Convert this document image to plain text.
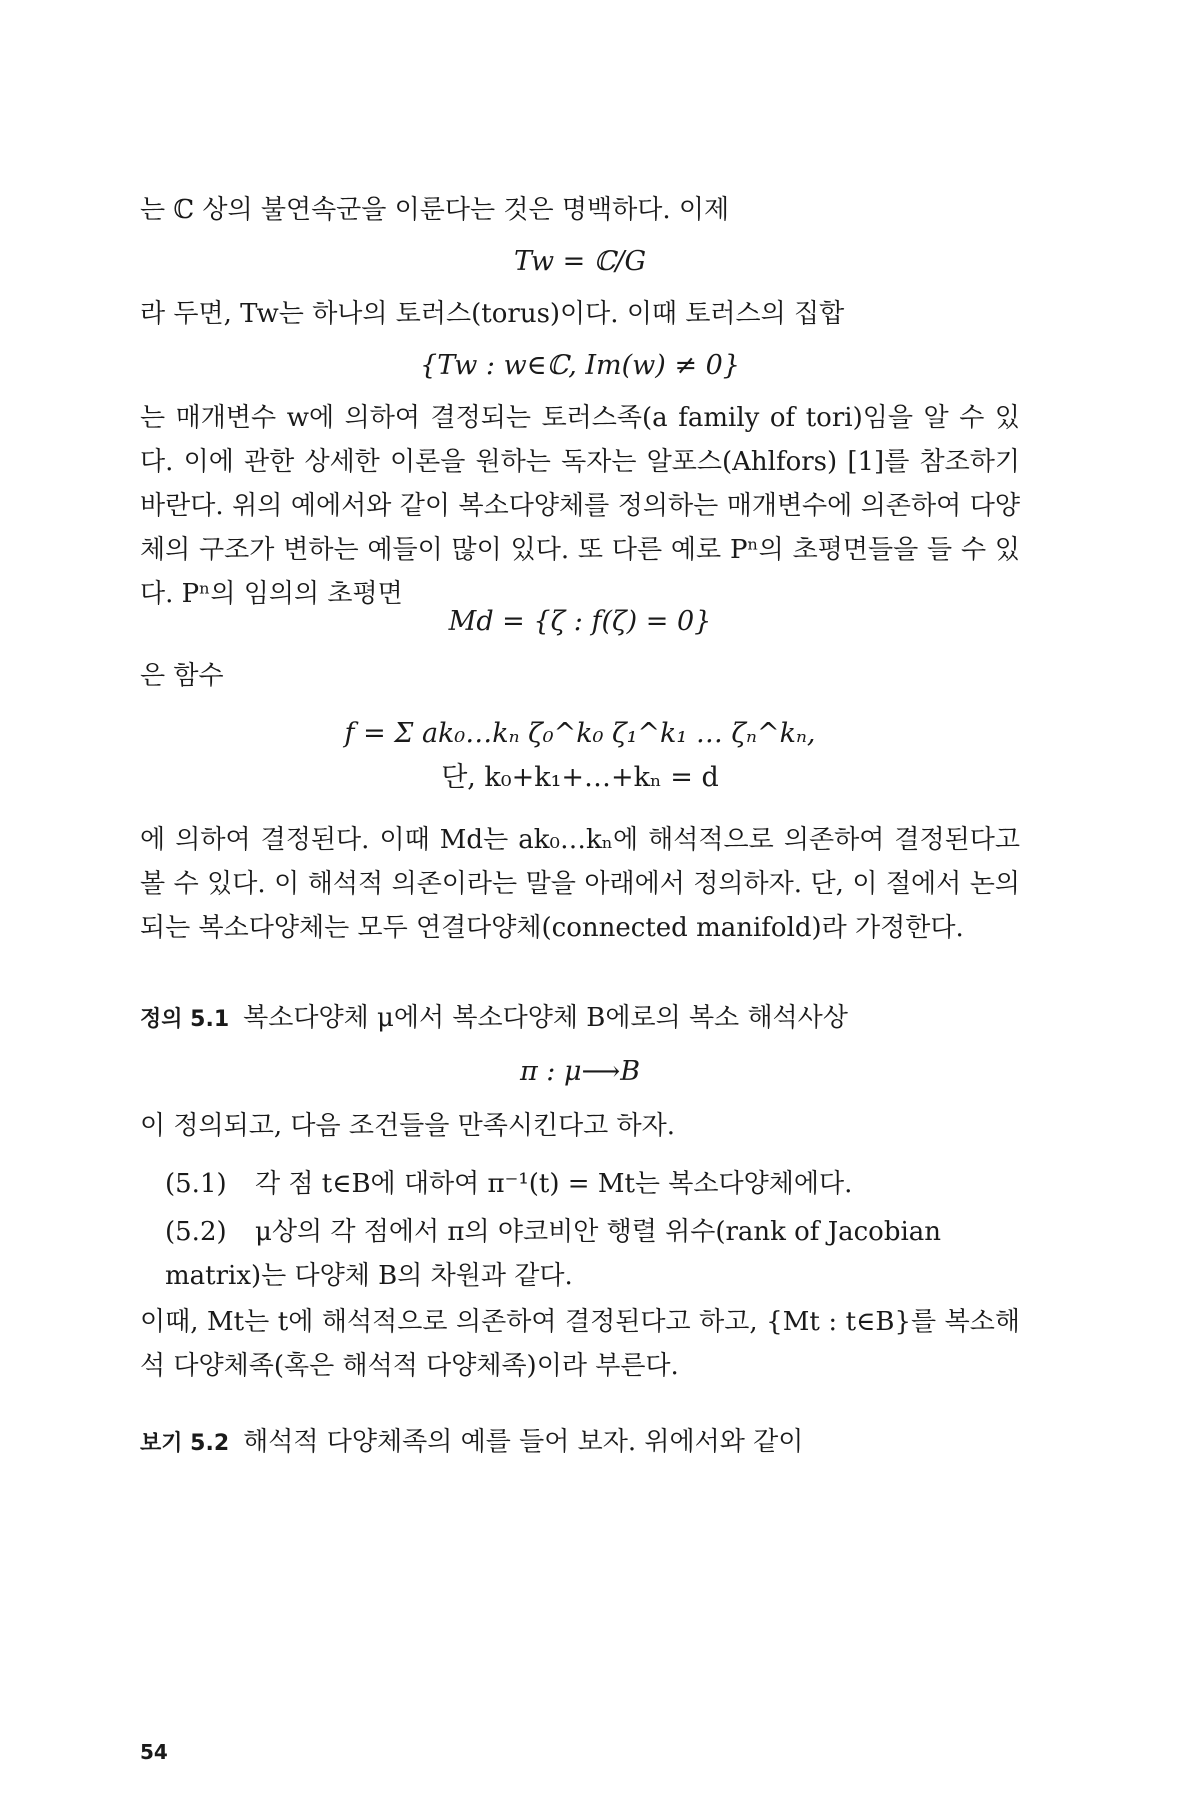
는 ℂ 상의 불연속군을 이룬다는 것은 명백하다. 이제

Tw = ℂ/G

라 두면, Tw는 하나의 토러스(torus)이다. 이때 토러스의 집합

{Tw : w∈ℂ, Im(w) ≠ 0}

는 매개변수 w에 의하여 결정되는 토러스족(a family of tori)임을 알 수 있다. 이에 관한 상세한 이론을 원하는 독자는 알포스(Ahlfors) [1]를 참조하기 바란다. 위의 예에서와 같이 복소다양체를 정의하는 매개변수에 의존하여 다양체의 구조가 변하는 예들이 많이 있다. 또 다른 예로 Pⁿ의 초평면들을 들 수 있다. Pⁿ의 임의의 초평면

Md = {ζ : f(ζ) = 0}

은 함수

f = Σ ak₀…kₙ ζ₀^k₀ ζ₁^k₁ … ζₙ^kₙ,

단, k₀+k₁+…+kₙ = d

에 의하여 결정된다. 이때 Md는 ak₀…kₙ에 해석적으로 의존하여 결정된다고 볼 수 있다. 이 해석적 의존이라는 말을 아래에서 정의하자. 단, 이 절에서 논의되는 복소다양체는 모두 연결다양체(connected manifold)라 가정한다.

정의 5.1 복소다양체 μ에서 복소다양체 B에로의 복소 해석사상

π : μ⟶B

이 정의되고, 다음 조건들을 만족시킨다고 하자.

(5.1) 각 점 t∈B에 대하여 π⁻¹(t) = Mt는 복소다양체에다.

(5.2) μ상의 각 점에서 π의 야코비안 행렬 위수(rank of Jacobian matrix)는 다양체 B의 차원과 같다.

이때, Mt는 t에 해석적으로 의존하여 결정된다고 하고, {Mt : t∈B}를 복소해석 다양체족(혹은 해석적 다양체족)이라 부른다.

보기 5.2 해석적 다양체족의 예를 들어 보자. 위에서와 같이

54
